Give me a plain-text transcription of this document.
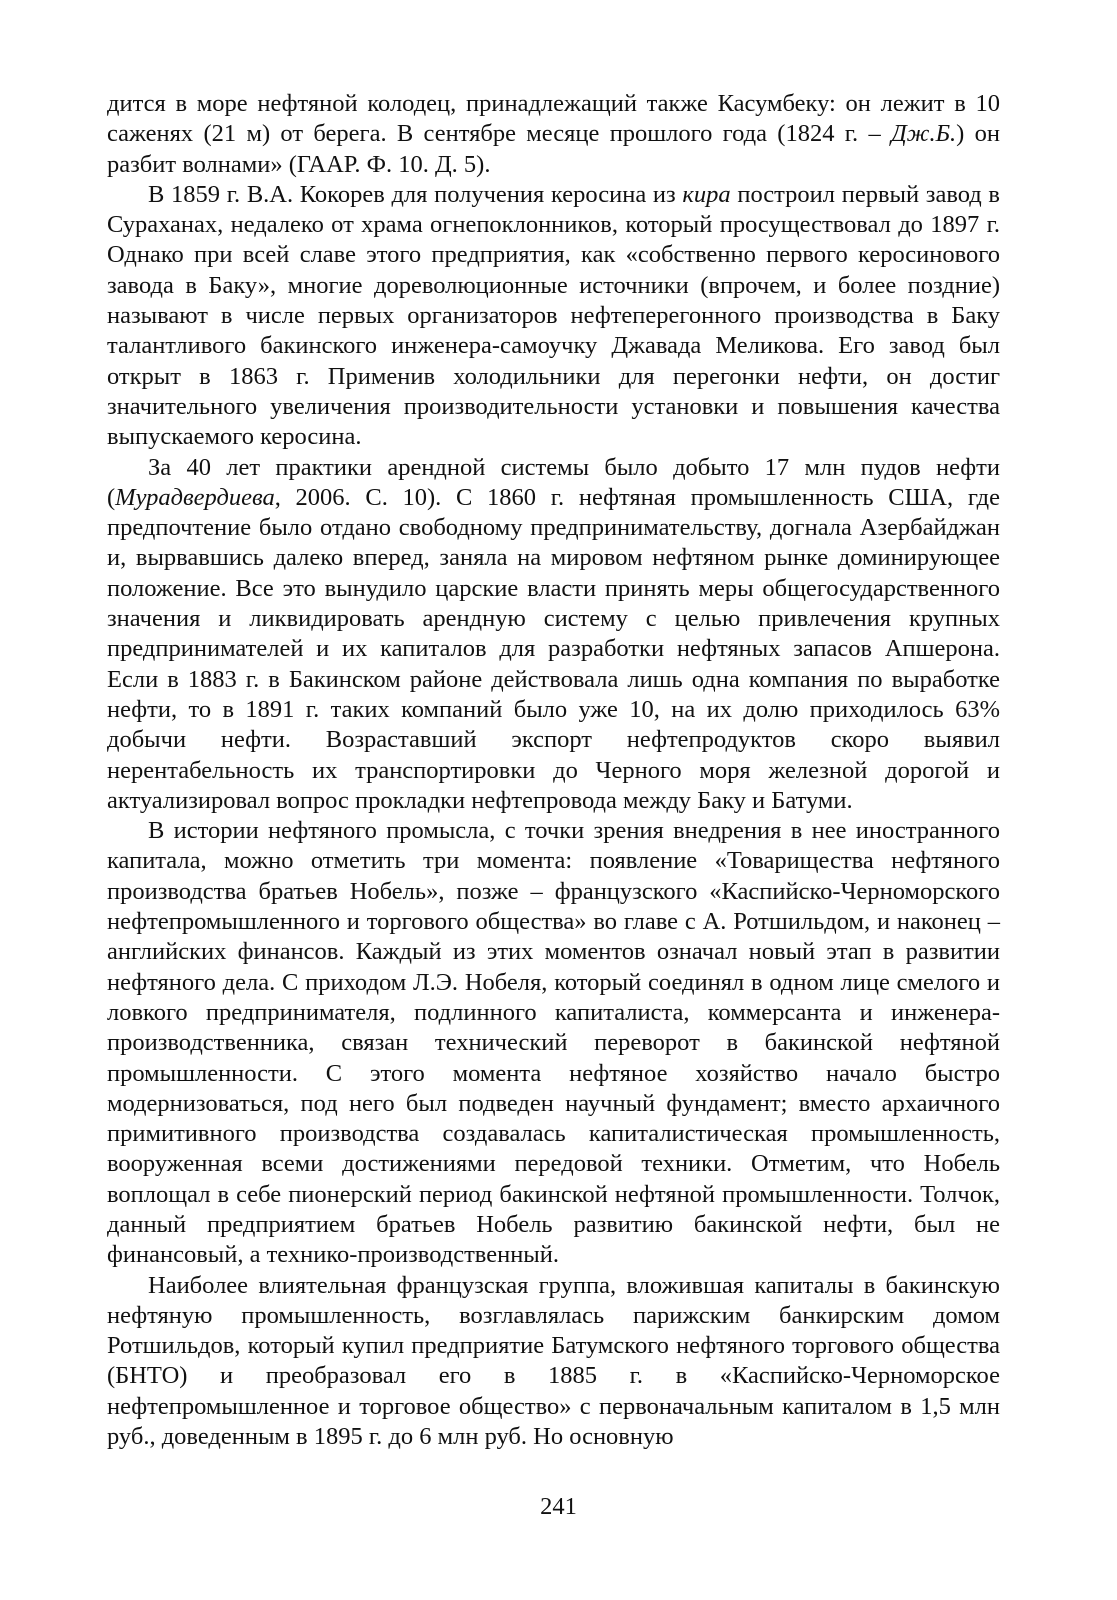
дится в море нефтяной колодец, принадлежащий также Касумбеку: он лежит в 10 саженях (21 м) от берега. В сентябре месяце прошлого года (1824 г. – Дж.Б.) он разбит волнами» (ГААР. Ф. 10. Д. 5).

В 1859 г. В.А. Кокорев для получения керосина из кира построил первый завод в Сураханах, недалеко от храма огнепоклонников, который просуществовал до 1897 г. Однако при всей славе этого предприятия, как «собственно первого керосинового завода в Баку», многие дореволюционные источники (впрочем, и более поздние) называют в числе первых организаторов нефтеперегонного производства в Баку талантливого бакинского инженера-самоучку Джавада Меликова. Его завод был открыт в 1863 г. Применив холодильники для перегонки нефти, он достиг значительного увеличения производительности установки и повышения качества выпускаемого керосина.

За 40 лет практики арендной системы было добыто 17 млн пудов нефти (Мурадвердиева, 2006. С. 10). С 1860 г. нефтяная промышленность США, где предпочтение было отдано свободному предпринимательству, догнала Азербайджан и, вырвавшись далеко вперед, заняла на мировом нефтяном рынке доминирующее положение. Все это вынудило царские власти принять меры общегосударственного значения и ликвидировать арендную систему с целью привлечения крупных предпринимателей и их капиталов для разработки нефтяных запасов Апшерона. Если в 1883 г. в Бакинском районе действовала лишь одна компания по выработке нефти, то в 1891 г. таких компаний было уже 10, на их долю приходилось 63% добычи нефти. Возраставший экспорт нефтепродуктов скоро выявил нерентабельность их транспортировки до Черного моря железной дорогой и актуализировал вопрос прокладки нефтепровода между Баку и Батуми.

В истории нефтяного промысла, с точки зрения внедрения в нее иностранного капитала, можно отметить три момента: появление «Товарищества нефтяного производства братьев Нобель», позже – французского «Каспийско-Черноморского нефтепромышленного и торгового общества» во главе с А. Ротшильдом, и наконец – английских финансов. Каждый из этих моментов означал новый этап в развитии нефтяного дела. С приходом Л.Э. Нобеля, который соединял в одном лице смелого и ловкого предпринимателя, подлинного капиталиста, коммерсанта и инженера-производственника, связан технический переворот в бакинской нефтяной промышленности. С этого момента нефтяное хозяйство начало быстро модернизоваться, под него был подведен научный фундамент; вместо архаичного примитивного производства создавалась капиталистическая промышленность, вооруженная всеми достижениями передовой техники. Отметим, что Нобель воплощал в себе пионерский период бакинской нефтяной промышленности. Толчок, данный предприятием братьев Нобель развитию бакинской нефти, был не финансовый, а технико-производственный.

Наиболее влиятельная французская группа, вложившая капиталы в бакинскую нефтяную промышленность, возглавлялась парижским банкирским домом Ротшильдов, который купил предприятие Батумского нефтяного торгового общества (БНТО) и преобразовал его в 1885 г. в «Каспийско-Черноморское нефтепромышленное и торговое общество» с первоначальным капиталом в 1,5 млн руб., доведенным в 1895 г. до 6 млн руб. Но основную

241
